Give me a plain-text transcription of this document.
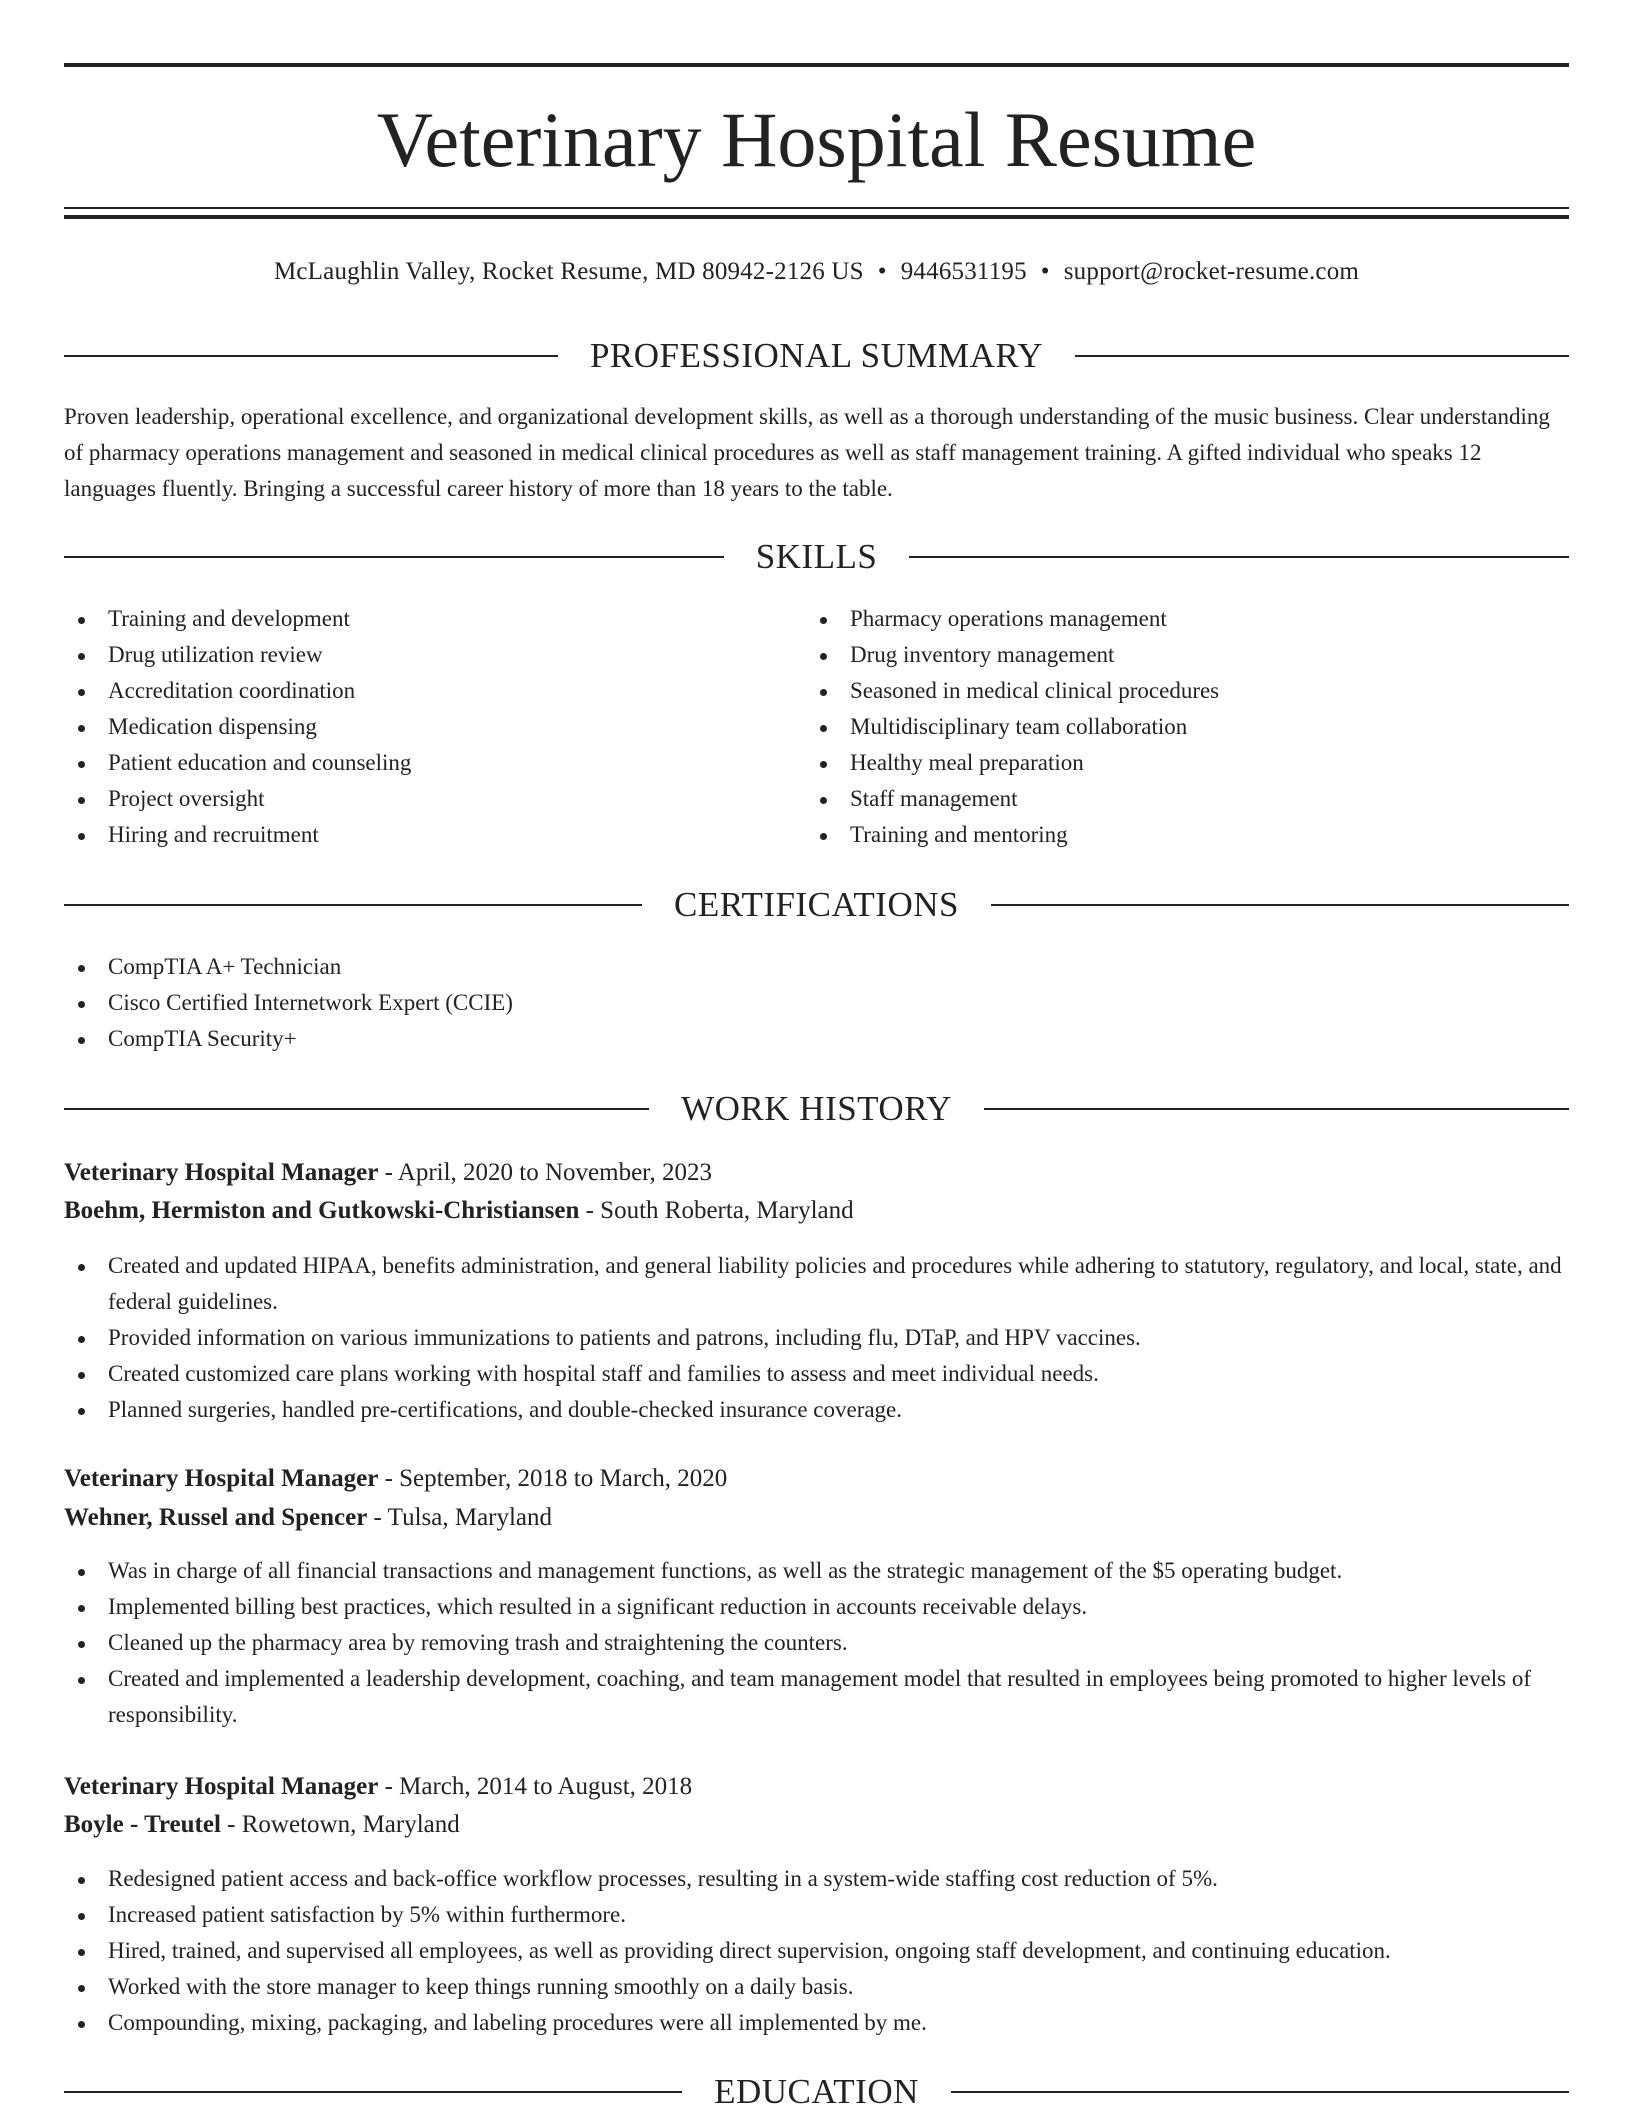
Veterinary Hospital Resume
McLaughlin Valley, Rocket Resume, MD 80942-2126 US • 9446531195 • support@rocket-resume.com
PROFESSIONAL SUMMARY
Proven leadership, operational excellence, and organizational development skills, as well as a thorough understanding of the music business. Clear understanding of pharmacy operations management and seasoned in medical clinical procedures as well as staff management training. A gifted individual who speaks 12 languages fluently. Bringing a successful career history of more than 18 years to the table.
SKILLS
Training and development
Drug utilization review
Accreditation coordination
Medication dispensing
Patient education and counseling
Project oversight
Hiring and recruitment
Pharmacy operations management
Drug inventory management
Seasoned in medical clinical procedures
Multidisciplinary team collaboration
Healthy meal preparation
Staff management
Training and mentoring
CERTIFICATIONS
CompTIA A+ Technician
Cisco Certified Internetwork Expert (CCIE)
CompTIA Security+
WORK HISTORY
Veterinary Hospital Manager - April, 2020 to November, 2023
Boehm, Hermiston and Gutkowski-Christiansen - South Roberta, Maryland
Created and updated HIPAA, benefits administration, and general liability policies and procedures while adhering to statutory, regulatory, and local, state, and federal guidelines.
Provided information on various immunizations to patients and patrons, including flu, DTaP, and HPV vaccines.
Created customized care plans working with hospital staff and families to assess and meet individual needs.
Planned surgeries, handled pre-certifications, and double-checked insurance coverage.
Veterinary Hospital Manager - September, 2018 to March, 2020
Wehner, Russel and Spencer - Tulsa, Maryland
Was in charge of all financial transactions and management functions, as well as the strategic management of the $5 operating budget.
Implemented billing best practices, which resulted in a significant reduction in accounts receivable delays.
Cleaned up the pharmacy area by removing trash and straightening the counters.
Created and implemented a leadership development, coaching, and team management model that resulted in employees being promoted to higher levels of responsibility.
Veterinary Hospital Manager - March, 2014 to August, 2018
Boyle - Treutel - Rowetown, Maryland
Redesigned patient access and back-office workflow processes, resulting in a system-wide staffing cost reduction of 5%.
Increased patient satisfaction by 5% within furthermore.
Hired, trained, and supervised all employees, as well as providing direct supervision, ongoing staff development, and continuing education.
Worked with the store manager to keep things running smoothly on a daily basis.
Compounding, mixing, packaging, and labeling procedures were all implemented by me.
EDUCATION
